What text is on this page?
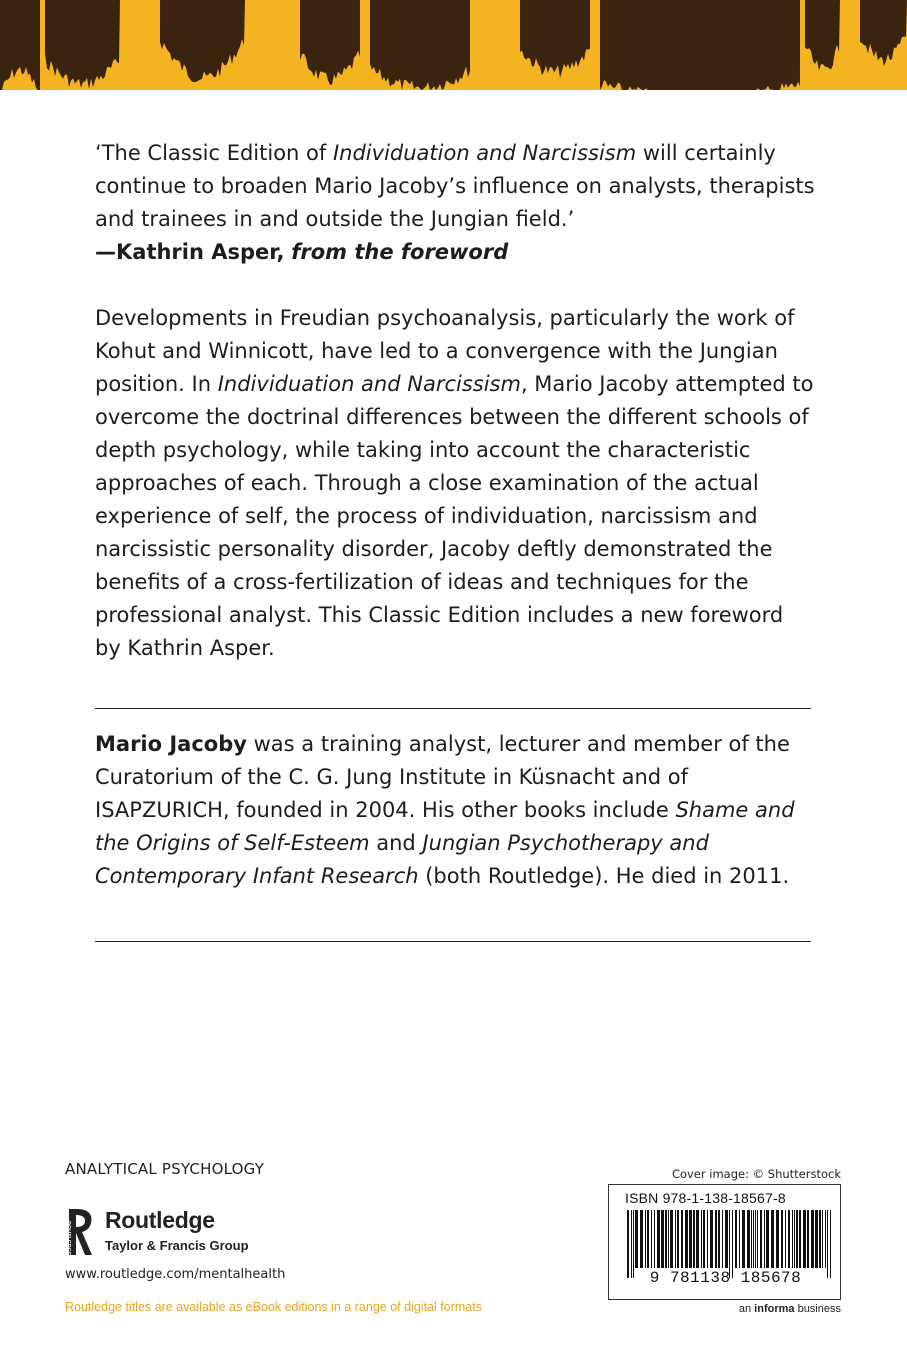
‘The Classic Edition of Individuation and Narcissism will certainly continue to broaden Mario Jacoby’s influence on analysts, therapists and trainees in and outside the Jungian field.’

—Kathrin Asper, from the foreword

Developments in Freudian psychoanalysis, particularly the work of Kohut and Winnicott, have led to a convergence with the Jungian position. In Individuation and Narcissism, Mario Jacoby attempted to overcome the doctrinal differences between the different schools of depth psychology, while taking into account the characteristic approaches of each. Through a close examination of the actual experience of self, the process of individuation, narcissism and narcissistic personality disorder, Jacoby deftly demonstrated the benefits of a cross-fertilization of ideas and techniques for the professional analyst. This Classic Edition includes a new foreword by Kathrin Asper.

Mario Jacoby was a training analyst, lecturer and member of the Curatorium of the C. G. Jung Institute in Küsnacht and of ISAPZURICH, founded in 2004. His other books include Shame and the Origins of Self-Esteem and Jungian Psychotherapy and Contemporary Infant Research (both Routledge). He died in 2011.

ANALYTICAL PSYCHOLOGY
ROUTLEDGE
Routledge
Taylor & Francis Group
www.routledge.com/mentalhealth
Routledge titles are available as eBook editions in a range of digital formats
Cover image: © Shutterstock
ISBN 978-1-138-18567-8
9 781138 185678
an informa business
